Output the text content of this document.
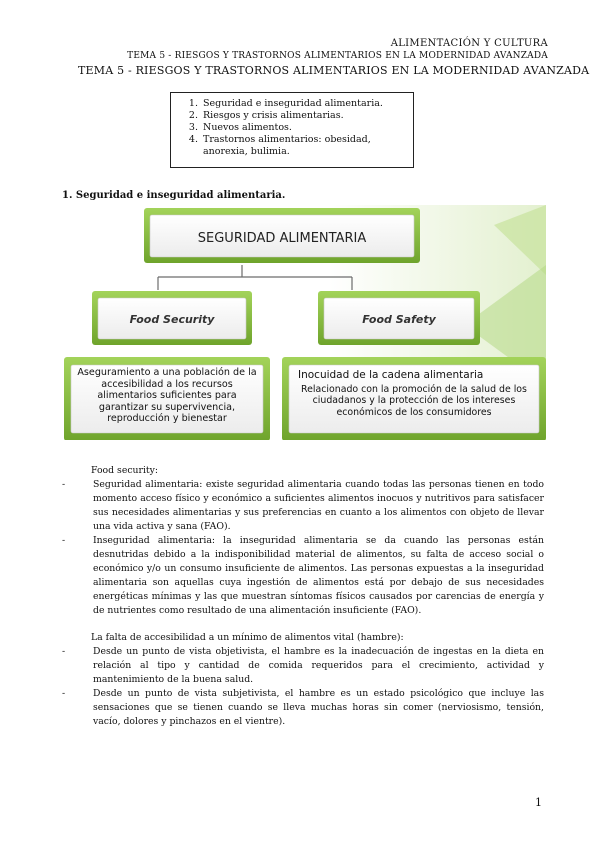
ALIMENTACIÓN Y CULTURA
TEMA 5 - RIESGOS Y TRASTORNOS ALIMENTARIOS EN LA MODERNIDAD AVANZADA
TEMA 5 - RIESGOS Y TRASTORNOS ALIMENTARIOS EN LA MODERNIDAD AVANZADA
1. Seguridad e inseguridad alimentaria.
2. Riesgos y crisis alimentarias.
3. Nuevos alimentos.
4. Trastornos alimentarios: obesidad, anorexia, bulimia.
1. Seguridad e inseguridad alimentaria.
SEGURIDAD ALIMENTARIA
Food Security	Food Safety
Aseguramiento a una población de la accesibilidad a los recursos alimentarios suficientes para garantizar su supervivencia, reproducción y bienestar
Inocuidad de la cadena alimentaria
Relacionado con la promoción de la salud de los ciudadanos y la protección de los intereses económicos de los consumidores
Food security:
-	Seguridad alimentaria: existe seguridad alimentaria cuando todas las personas tienen en todo momento acceso físico y económico a suficientes alimentos inocuos y nutritivos para satisfacer sus necesidades alimentarias y sus preferencias en cuanto a los alimentos con objeto de llevar una vida activa y sana (FAO).
-	Inseguridad alimentaria: la inseguridad alimentaria se da cuando las personas están desnutridas debido a la indisponibilidad material de alimentos, su falta de acceso social o económico y/o un consumo insuficiente de alimentos. Las personas expuestas a la inseguridad alimentaria son aquellas cuya ingestión de alimentos está por debajo de sus necesidades energéticas mínimas y las que muestran síntomas físicos causados por carencias de energía y de nutrientes como resultado de una alimentación insuficiente (FAO).
La falta de accesibilidad a un mínimo de alimentos vital (hambre):
-	Desde un punto de vista objetivista, el hambre es la inadecuación de ingestas en la dieta en relación al tipo y cantidad de comida requeridos para el crecimiento, actividad y mantenimiento de la buena salud.
-	Desde un punto de vista subjetivista, el hambre es un estado psicológico que incluye las sensaciones que se tienen cuando se lleva muchas horas sin comer (nerviosismo, tensión, vacío, dolores y pinchazos en el vientre).
1
